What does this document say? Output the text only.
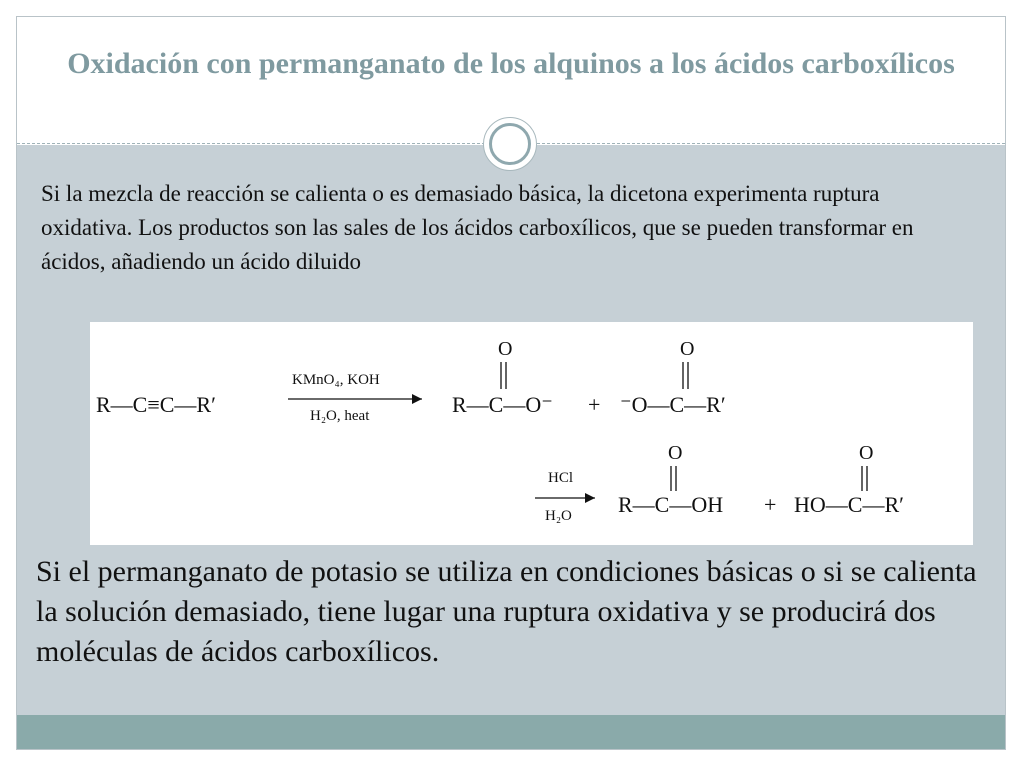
Oxidación con permanganato de los alquinos a los ácidos carboxílicos

Si la mezcla de reacción se calienta o es demasiado básica, la dicetona experimenta ruptura oxidativa. Los productos son las sales de los ácidos carboxílicos, que se pueden transformar en ácidos, añadiendo un ácido diluido

R—C≡C—R′
KMnO₄, KOH
H₂O, heat
O
R—C—O⁻ +
O
⁻O—C—R′
HCl
H₂O
O
R—C—OH +
O
HO—C—R′

Si el permanganato de potasio se utiliza en condiciones básicas o si se calienta la solución demasiado, tiene lugar una ruptura oxidativa y se producirá dos moléculas de ácidos carboxílicos.
